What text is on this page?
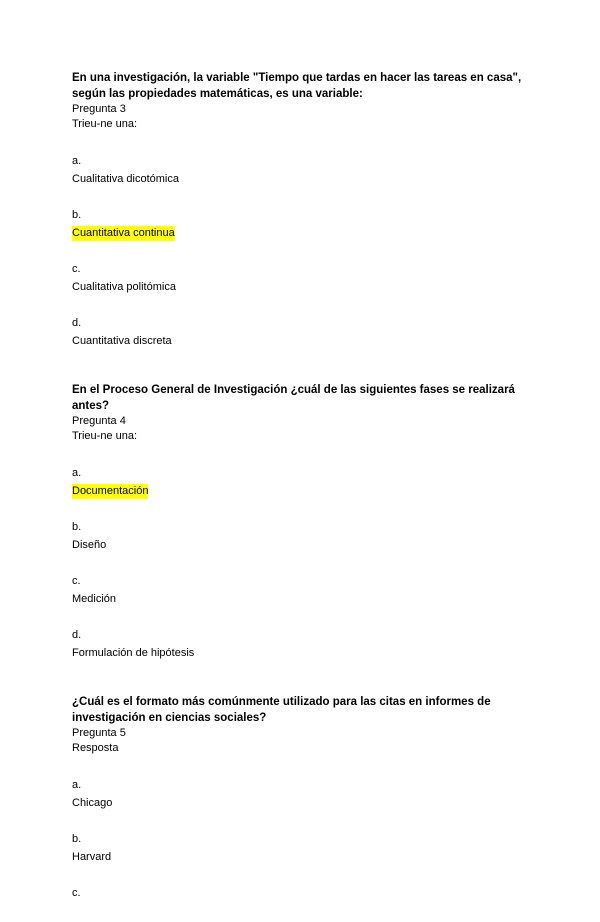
En una investigación, la variable "Tiempo que tardas en hacer las tareas en casa", según las propiedades matemáticas, es una variable:

Pregunta 3

Trieu-ne una:

a.
Cualitativa dicotómica
b.
Cuantitativa continua
c.
Cualitativa politómica
d.
Cuantitativa discreta

En el Proceso General de Investigación ¿cuál de las siguientes fases se realizará antes?

Pregunta 4

Trieu-ne una:

a.
Documentación
b.
Diseño
c.
Medición
d.
Formulación de hipótesis

¿Cuál es el formato más comúnmente utilizado para las citas en informes de investigación en ciencias sociales?

Pregunta 5

Resposta

a.
Chicago
b.
Harvard
c.
